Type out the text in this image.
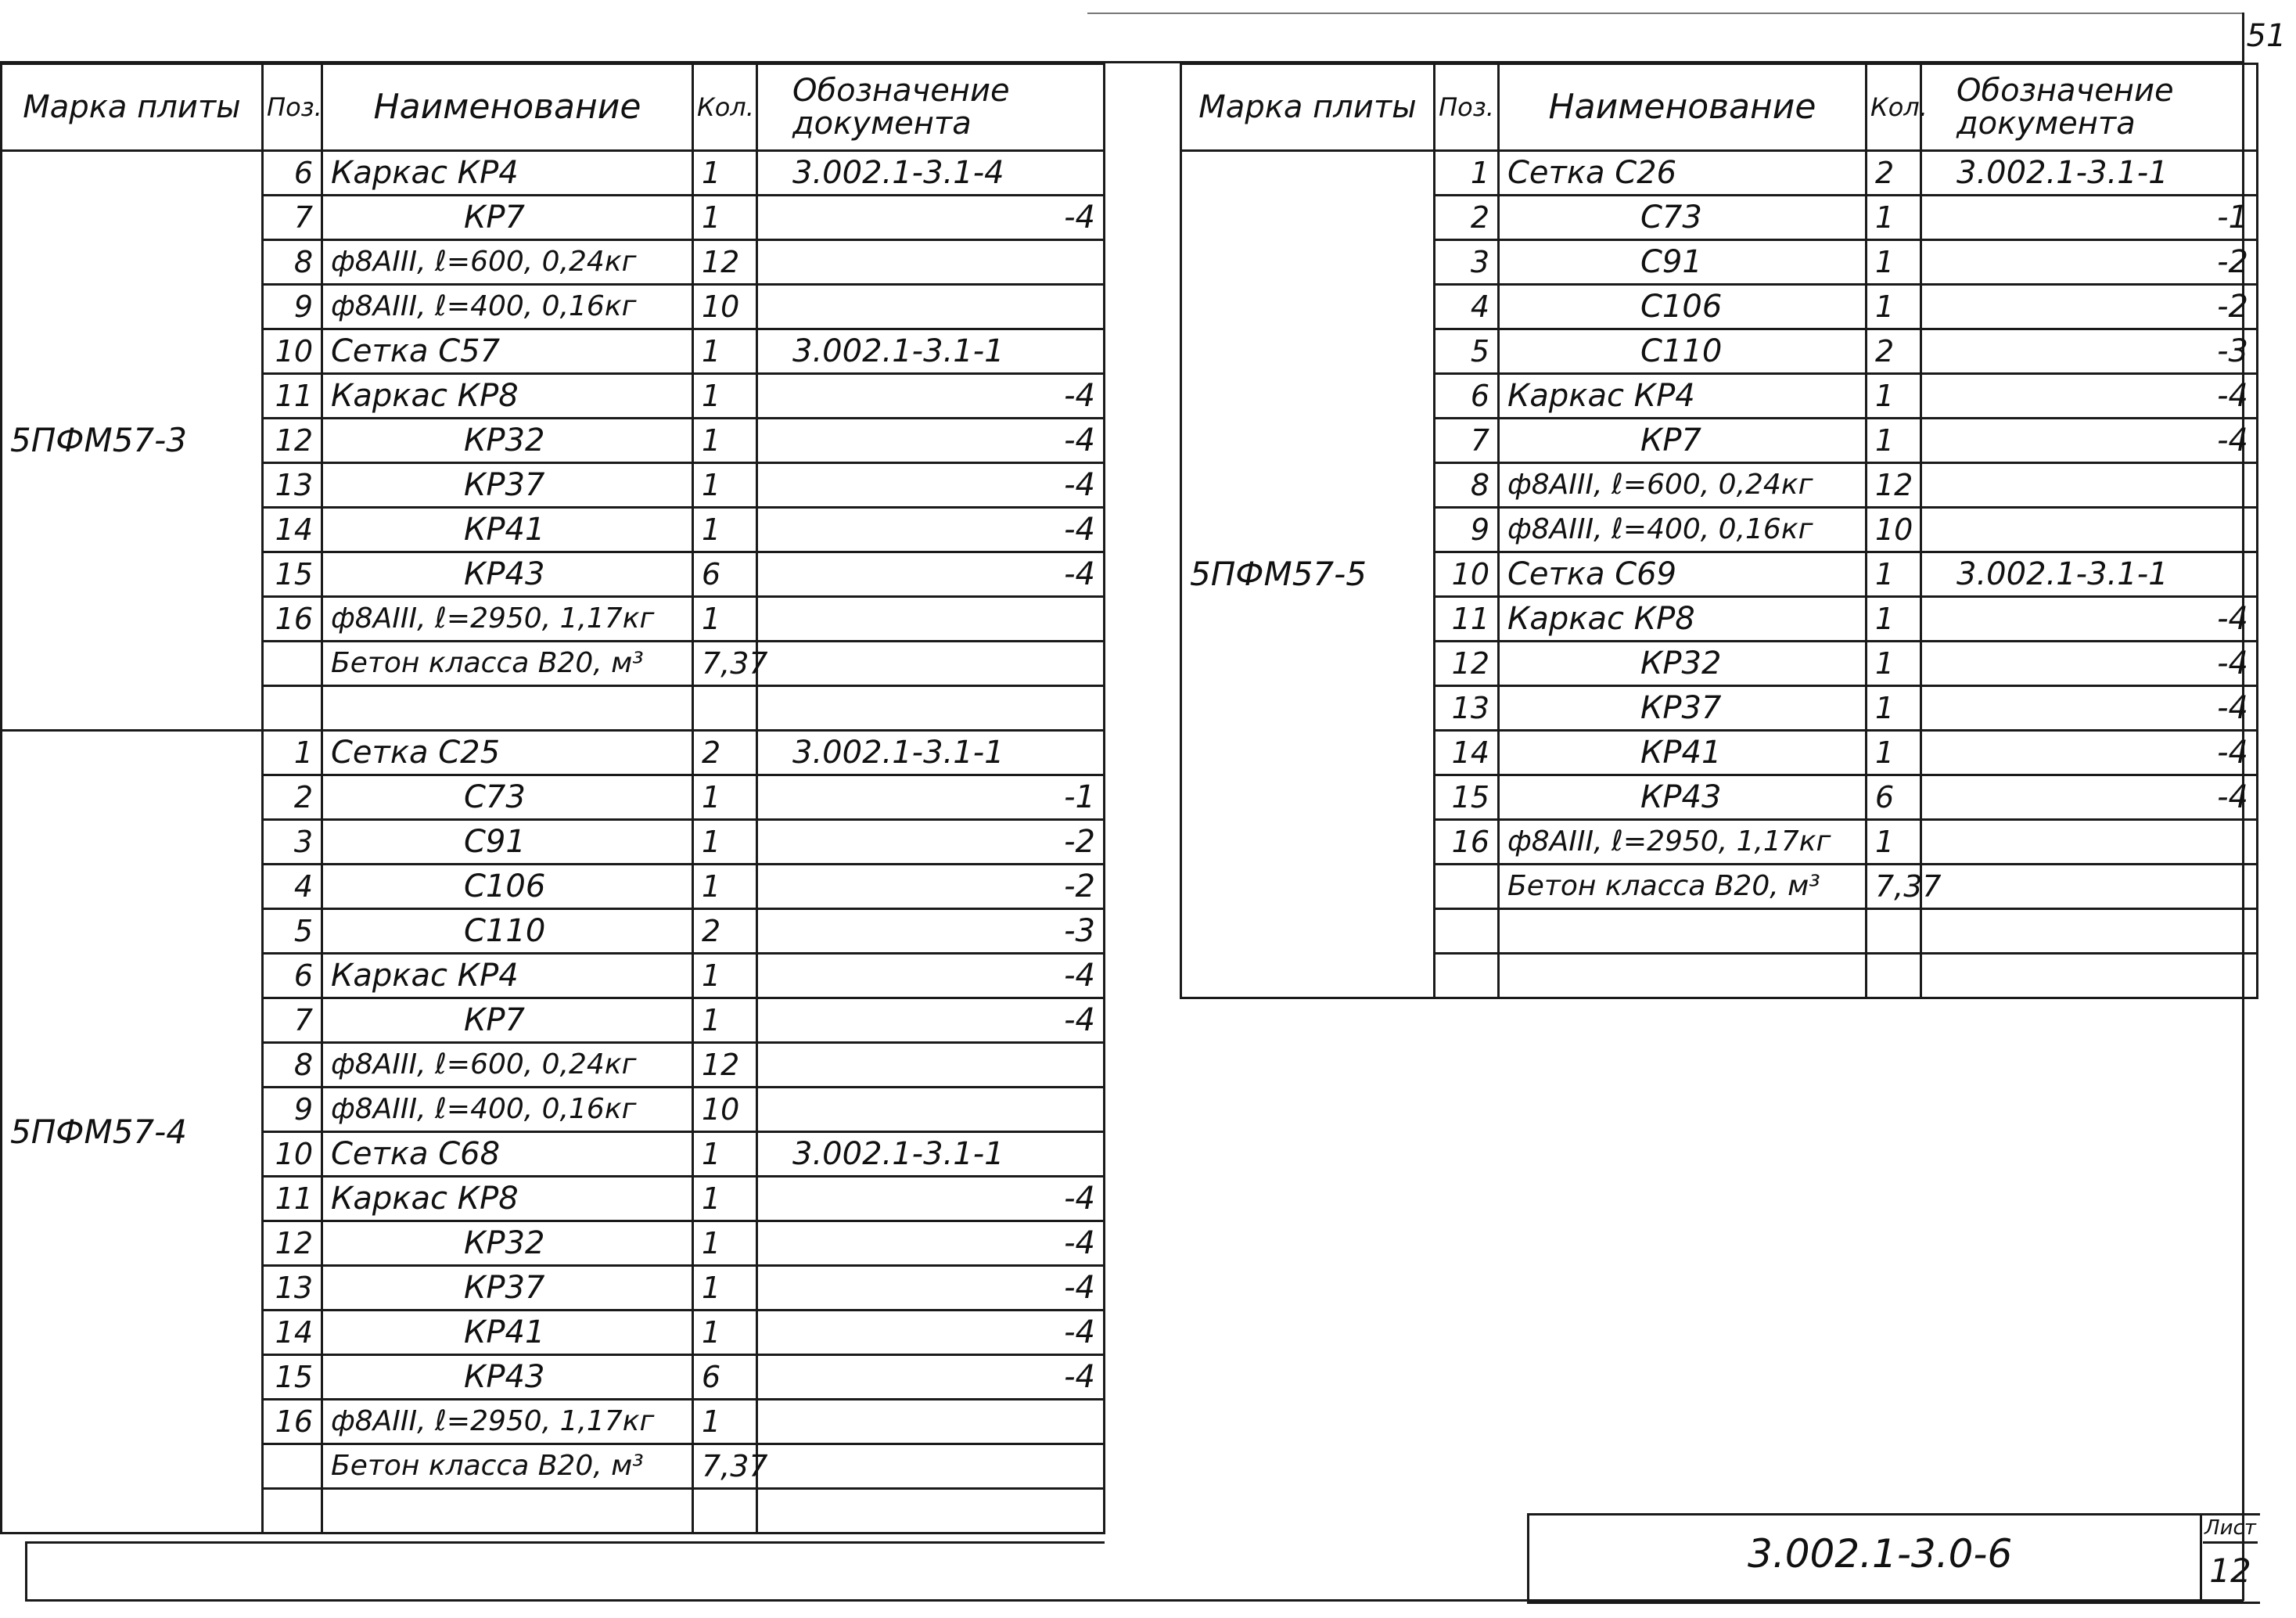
51
Марка плиты	Поз.	Наименование	Кол.	Обозначение документа
5ПФМ57-3	6	Каркас КР4	1	3.002.1-3.1-4
	7	КР7	1	-4
	8	ф8АIII, ℓ=600, 0,24кг	12	
	9	ф8АIII, ℓ=400, 0,16кг	10	
	10	Сетка С57	1	3.002.1-3.1-1
	11	Каркас КР8	1	-4
	12	КР32	1	-4
	13	КР37	1	-4
	14	КР41	1	-4
	15	КР43	6	-4
	16	ф8АIII, ℓ=2950, 1,17кг	1	
		Бетон класса В20, м³	7,37	

5ПФМ57-4	1	Сетка С25	2	3.002.1-3.1-1
	2	С73	1	-1
	3	С91	1	-2
	4	С106	1	-2
	5	С110	2	-3
	6	Каркас КР4	1	-4
	7	КР7	1	-4
	8	ф8АIII, ℓ=600, 0,24кг	12	
	9	ф8АIII, ℓ=400, 0,16кг	10	
	10	Сетка С68	1	3.002.1-3.1-1
	11	Каркас КР8	1	-4
	12	КР32	1	-4
	13	КР37	1	-4
	14	КР41	1	-4
	15	КР43	6	-4
	16	ф8АIII, ℓ=2950, 1,17кг	1	
		Бетон класса В20, м³	7,37	

Марка плиты	Поз.	Наименование	Кол.	Обозначение документа
5ПФМ57-5	1	Сетка С26	2	3.002.1-3.1-1
	2	С73	1	-1
	3	С91	1	-2
	4	С106	1	-2
	5	С110	2	-3
	6	Каркас КР4	1	-4
	7	КР7	1	-4
	8	ф8АIII, ℓ=600, 0,24кг	12	
	9	ф8АIII, ℓ=400, 0,16кг	10	
	10	Сетка С69	1	3.002.1-3.1-1
	11	Каркас КР8	1	-4
	12	КР32	1	-4
	13	КР37	1	-4
	14	КР41	1	-4
	15	КР43	6	-4
	16	ф8АIII, ℓ=2950, 1,17кг	1	
		Бетон класса В20, м³	7,37	

3.002.1-3.0-6
Лист
12
